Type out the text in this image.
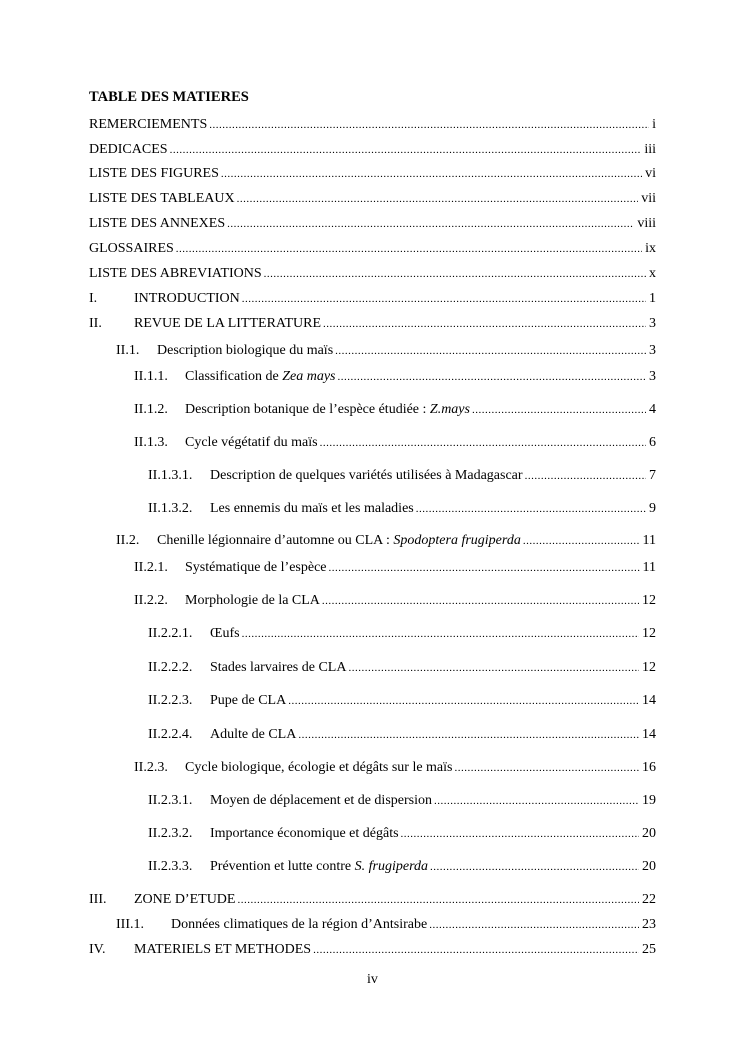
TABLE DES MATIERES
REMERCIEMENTS .....	i
DEDICACES .....	iii
LISTE DES FIGURES .....	vi
LISTE DES TABLEAUX .....	vii
LISTE DES ANNEXES .....	viii
GLOSSAIRES .....	ix
LISTE DES ABREVIATIONS .....	x
I.	INTRODUCTION .....	1
II.	REVUE DE LA LITTERATURE .....	3
II.1.	Description biologique du maïs .....	3
II.1.1.	Classification de Zea mays .....	3
II.1.2.	Description botanique de l’espèce étudiée : Z.mays .....	4
II.1.3.	Cycle végétatif du maïs .....	6
II.1.3.1.	Description de quelques variétés utilisées à Madagascar .....	7
II.1.3.2.	Les ennemis du maïs et les maladies .....	9
II.2.	Chenille légionnaire d’automne ou CLA : Spodoptera frugiperda .....	11
II.2.1.	Systématique de l’espèce .....	11
II.2.2.	Morphologie de la CLA .....	12
II.2.2.1.	Œufs .....	12
II.2.2.2.	Stades larvaires de CLA .....	12
II.2.2.3.	Pupe de CLA .....	14
II.2.2.4.	Adulte de CLA .....	14
II.2.3.	Cycle biologique, écologie et dégâts sur le maïs .....	16
II.2.3.1.	Moyen de déplacement et de dispersion .....	19
II.2.3.2.	Importance économique et dégâts .....	20
II.2.3.3.	Prévention et lutte contre S. frugiperda .....	20
III.	ZONE D’ETUDE .....	22
III.1.	Données climatiques de la région d’Antsirabe .....	23
IV.	MATERIELS ET METHODES .....	25
iv
